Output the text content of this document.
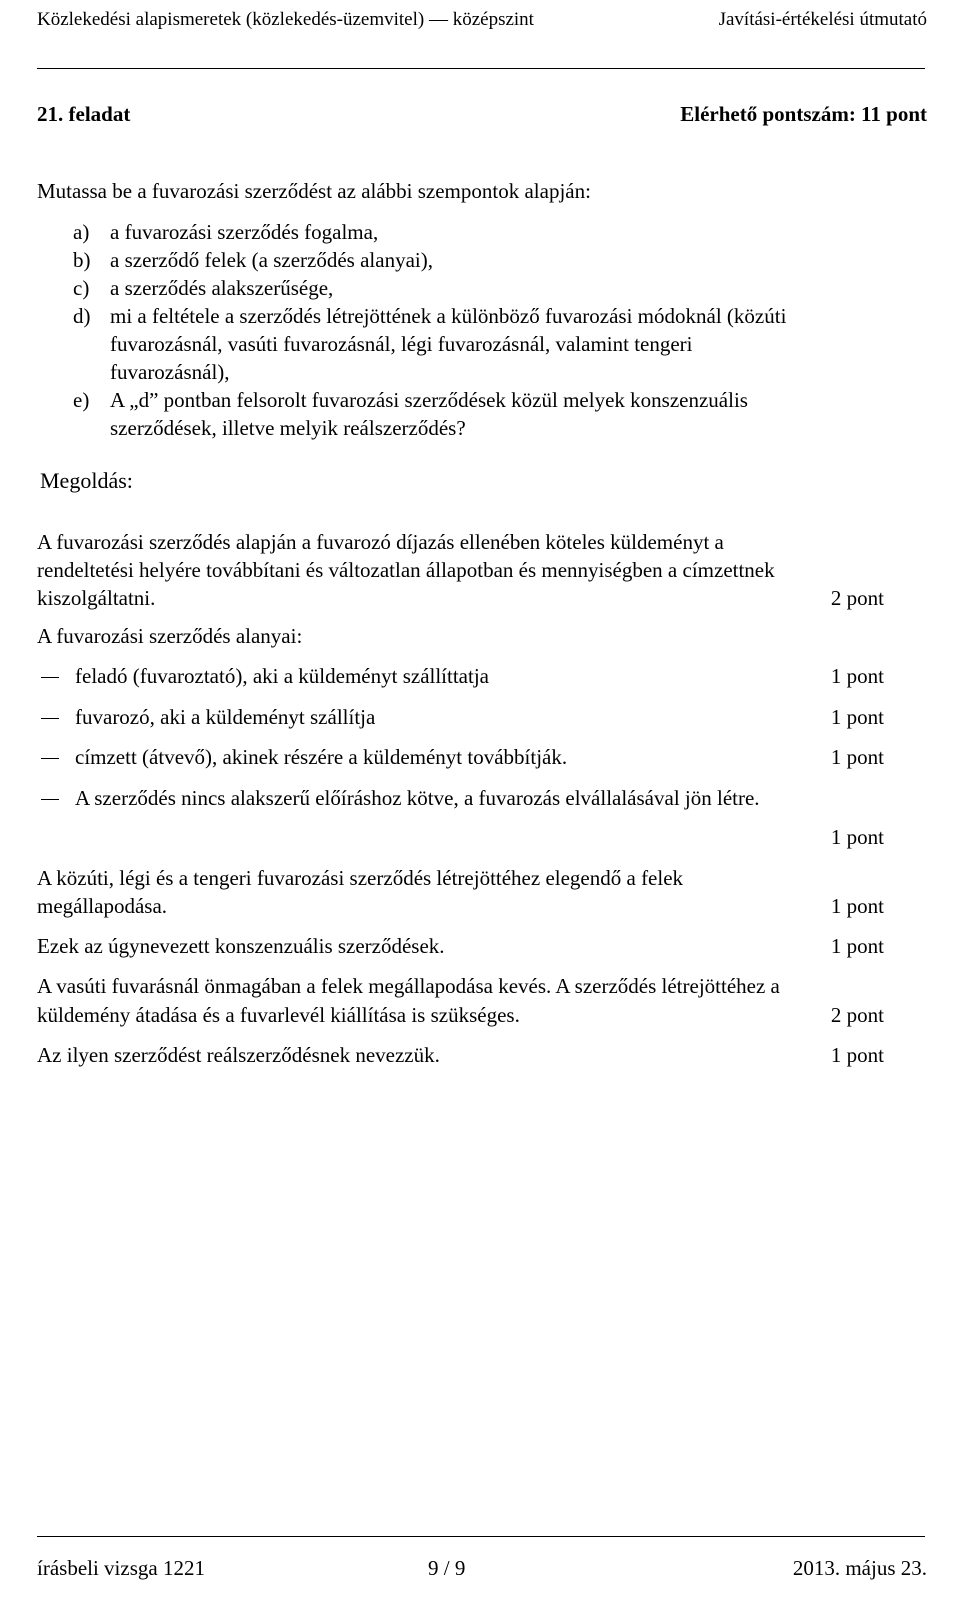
Közlekedési alapismeretek (közlekedés-üzemvitel) — középszint	Javítási-értékelési útmutató
21. feladat	Elérhető pontszám: 11 pont
Mutassa be a fuvarozási szerződést az alábbi szempontok alapján:
a) a fuvarozási szerződés fogalma,
b) a szerződő felek (a szerződés alanyai),
c) a szerződés alakszerűsége,
d) mi a feltétele a szerződés létrejöttének a különböző fuvarozási módoknál (közúti
fuvarozásnál, vasúti fuvarozásnál, légi fuvarozásnál, valamint tengeri
fuvarozásnál),
e) A „d” pontban felsorolt fuvarozási szerződések közül melyek konszenzuális
szerződések, illetve melyik reálszerződés?
Megoldás:
A fuvarozási szerződés alapján a fuvarozó díjazás ellenében köteles küldeményt a
rendeltetési helyére továbbítani és változatlan állapotban és mennyiségben a címzettnek
kiszolgáltatni.	2 pont
A fuvarozási szerződés alanyai:
feladó (fuvaroztató), aki a küldeményt szállíttatja	1 pont
fuvarozó, aki a küldeményt szállítja	1 pont
címzett (átvevő), akinek részére a küldeményt továbbítják.	1 pont
A szerződés nincs alakszerű előíráshoz kötve, a fuvarozás elvállalásával jön létre.
1 pont
A közúti, légi és a tengeri fuvarozási szerződés létrejöttéhez elegendő a felek
megállapodása.	1 pont
Ezek az úgynevezett konszenzuális szerződések.	1 pont
A vasúti fuvarásnál önmagában a felek megállapodása kevés. A szerződés létrejöttéhez a
küldemény átadása és a fuvarlevél kiállítása is szükséges.	2 pont
Az ilyen szerződést reálszerződésnek nevezzük.	1 pont
írásbeli vizsga 1221	9 / 9	2013. május 23.
